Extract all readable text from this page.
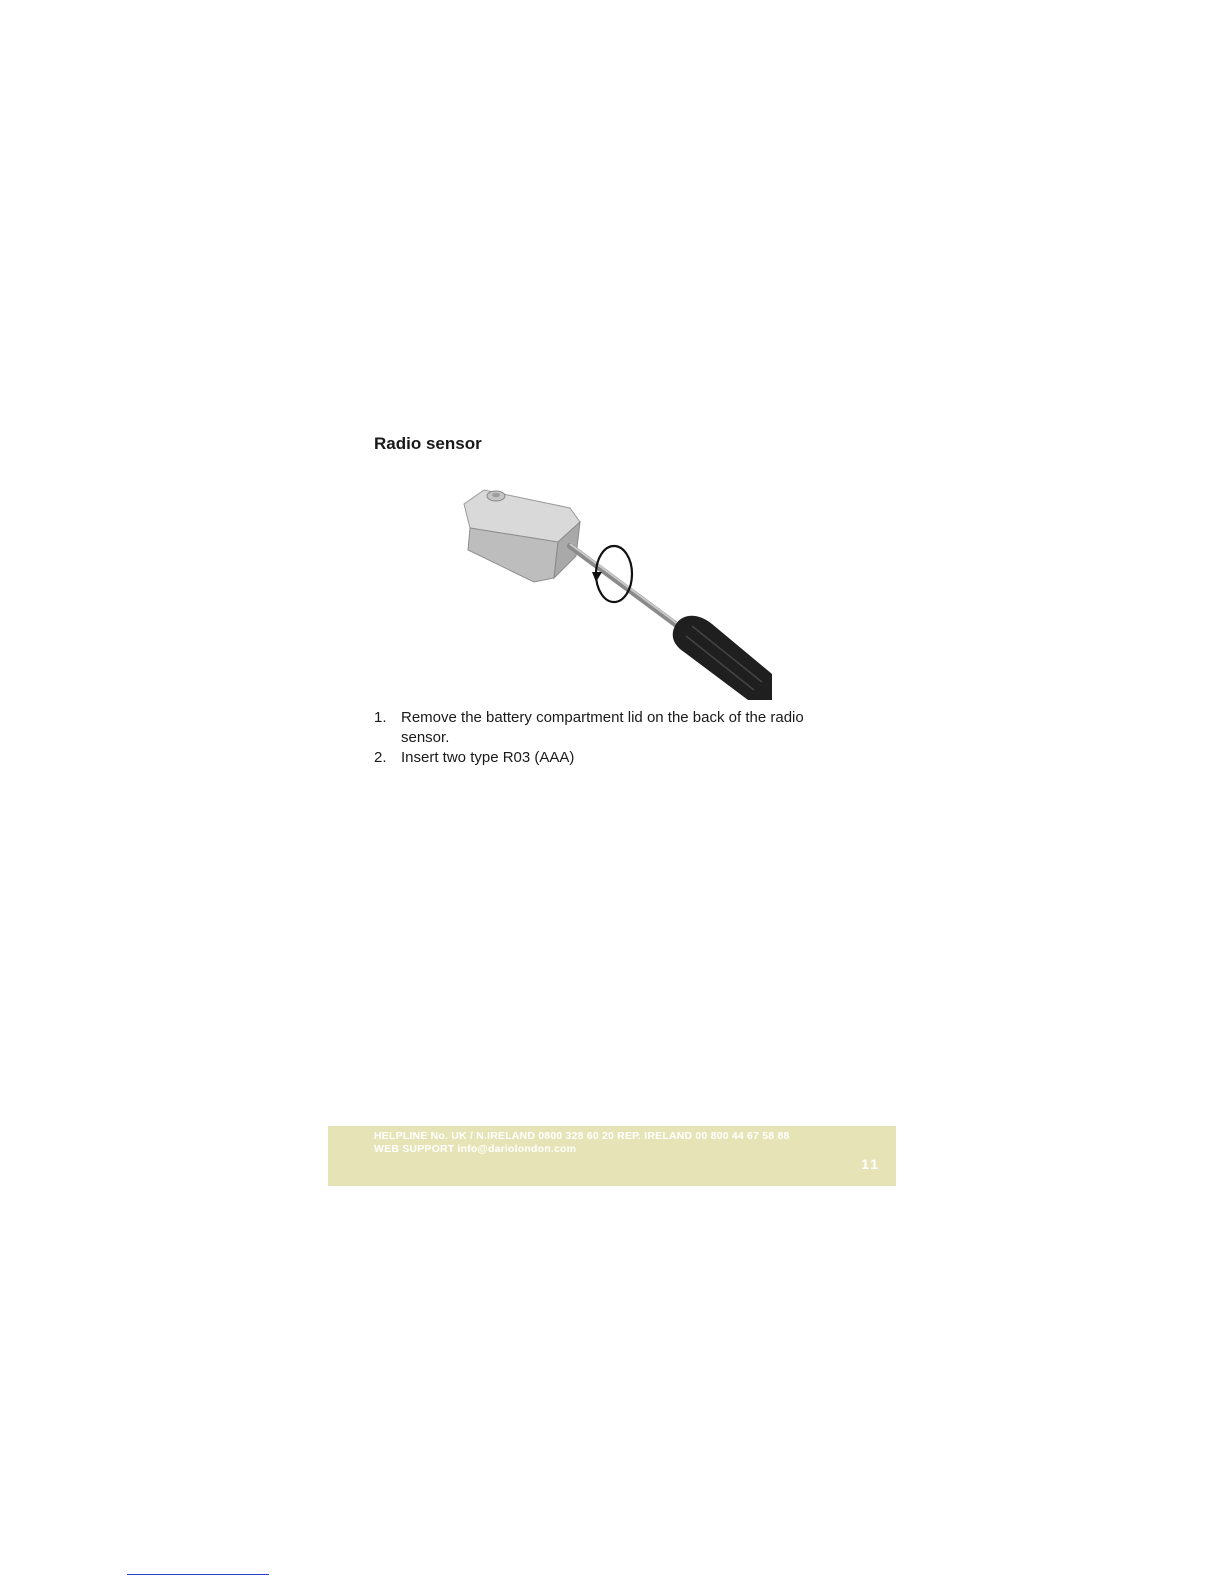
Radio sensor
1. Remove the battery compartment lid on the back of the radio sensor.
2. Insert two type R03 (AAA)
HELPLINE No. UK / N.IRELAND 0800 328 60 20 REP. IRELAND 00 800 44 67 58 88
WEB SUPPORT info@dariolondon.com
11
